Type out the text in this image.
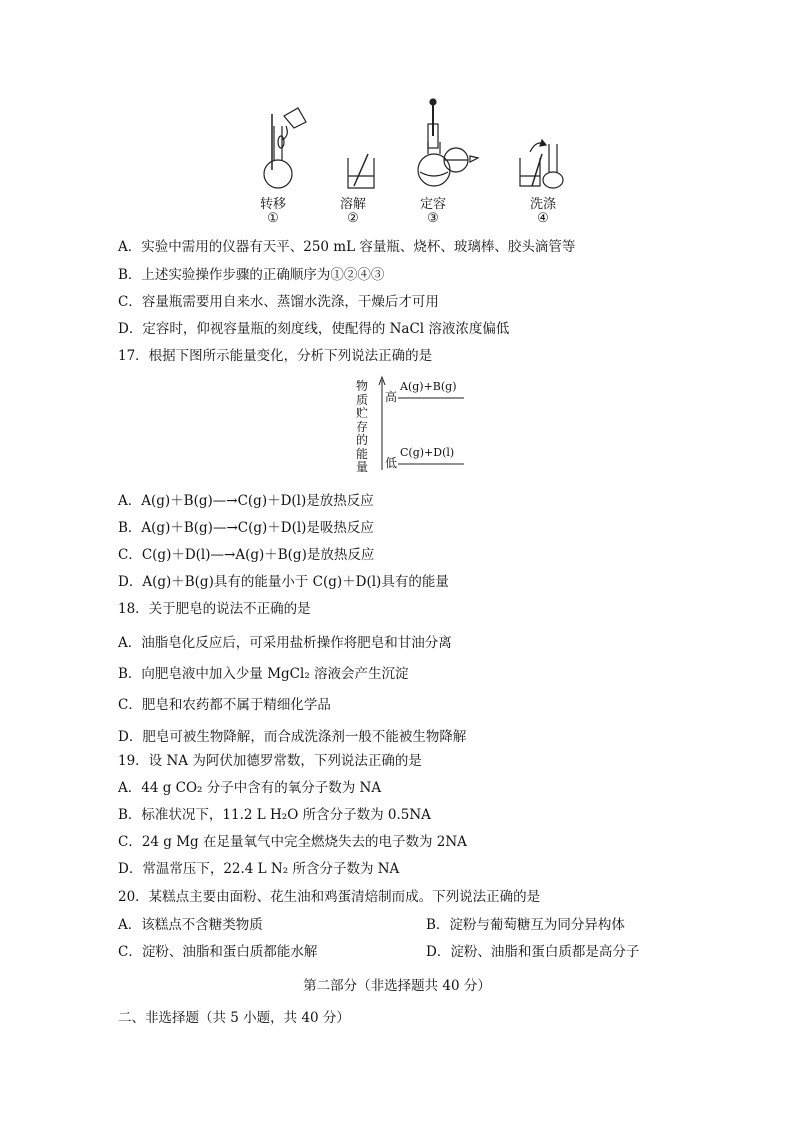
转移	溶解	定容	洗涤
①	②	③	④
A．实验中需用的仪器有天平、250 mL 容量瓶、烧杯、玻璃棒、胶头滴管等
B．上述实验操作步骤的正确顺序为①②④③
C．容量瓶需要用自来水、蒸馏水洗涤，干燥后才可用
D．定容时，仰视容量瓶的刻度线，使配得的 NaCl 溶液浓度偏低
17．根据下图所示能量变化，分析下列说法正确的是
物质贮存的能量
高
低
A(g)+B(g)
C(g)+D(l)
A．A(g)＋B(g)—→C(g)＋D(l)是放热反应
B．A(g)＋B(g)—→C(g)＋D(l)是吸热反应
C．C(g)＋D(l)—→A(g)＋B(g)是放热反应
D．A(g)＋B(g)具有的能量小于 C(g)＋D(l)具有的能量
18．关于肥皂的说法不正确的是
A．油脂皂化反应后，可采用盐析操作将肥皂和甘油分离
B．向肥皂液中加入少量 MgCl₂ 溶液会产生沉淀
C．肥皂和农药都不属于精细化学品
D．肥皂可被生物降解，而合成洗涤剂一般不能被生物降解
19．设 NA 为阿伏加德罗常数，下列说法正确的是
A．44 g CO₂ 分子中含有的氧分子数为 NA
B．标准状况下，11.2 L H₂O 所含分子数为 0.5NA
C．24 g Mg 在足量氧气中完全燃烧失去的电子数为 2NA
D．常温常压下，22.4 L N₂ 所含分子数为 NA
20．某糕点主要由面粉、花生油和鸡蛋清焙制而成。下列说法正确的是
A．该糕点不含糖类物质	B．淀粉与葡萄糖互为同分异构体
C．淀粉、油脂和蛋白质都能水解	D．淀粉、油脂和蛋白质都是高分子
第二部分（非选择题共 40 分）
二、非选择题（共 5 小题，共 40 分）
